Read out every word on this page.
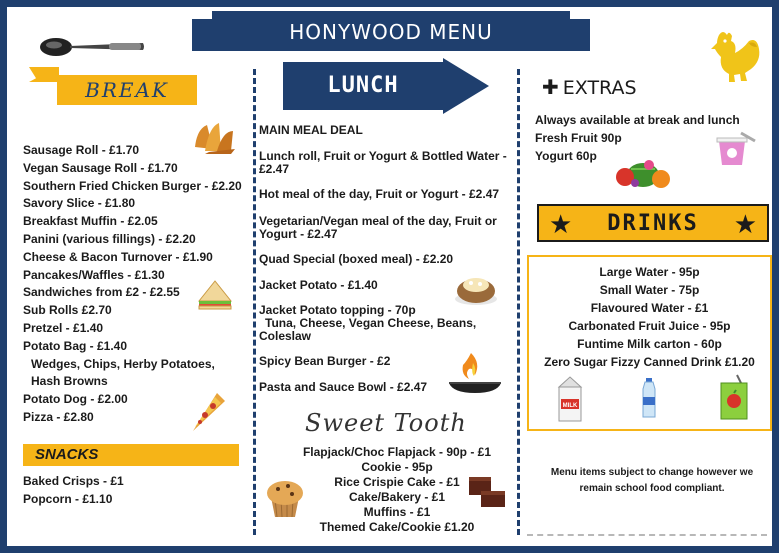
HONYWOOD MENU
BREAK
Sausage Roll - £1.70
Vegan Sausage Roll - £1.70
Southern Fried Chicken Burger - £2.20
Savory Slice - £1.80
Breakfast Muffin - £2.05
Panini (various fillings) - £2.20
Cheese & Bacon Turnover - £1.90
Pancakes/Waffles - £1.30
Sandwiches from £2 - £2.55
Sub Rolls £2.70
Pretzel - £1.40
Potato Bag - £1.40
Wedges, Chips, Herby Potatoes,
Hash Browns
Potato Dog - £2.00
Pizza - £2.80
SNACKS
Baked Crisps - £1
Popcorn - £1.10
LUNCH
MAIN MEAL DEAL
Lunch roll, Fruit or Yogurt & Bottled Water - £2.47
Hot meal of the day, Fruit or Yogurt - £2.47
Vegetarian/Vegan meal of the day, Fruit or Yogurt - £2.47
Quad Special (boxed meal) - £2.20
Jacket Potato - £1.40
Jacket Potato topping - 70p
Tuna, Cheese, Vegan Cheese, Beans,
Coleslaw
Spicy Bean Burger - £2
Pasta and Sauce Bowl - £2.47
Sweet Tooth
Flapjack/Choc Flapjack - 90p - £1
Cookie - 95p
Rice Crispie Cake - £1
Cake/Bakery - £1
Muffins - £1
Themed Cake/Cookie £1.20
✚ EXTRAS
Always available at break and lunch
Fresh Fruit 90p
Yogurt 60p
★	DRINKS	★
Large Water - 95p
Small Water - 75p
Flavoured Water - £1
Carbonated Fruit Juice - 95p
Funtime Milk carton - 60p
Zero Sugar Fizzy Canned Drink £1.20
MILK
Menu items subject to change however we
remain school food compliant.
